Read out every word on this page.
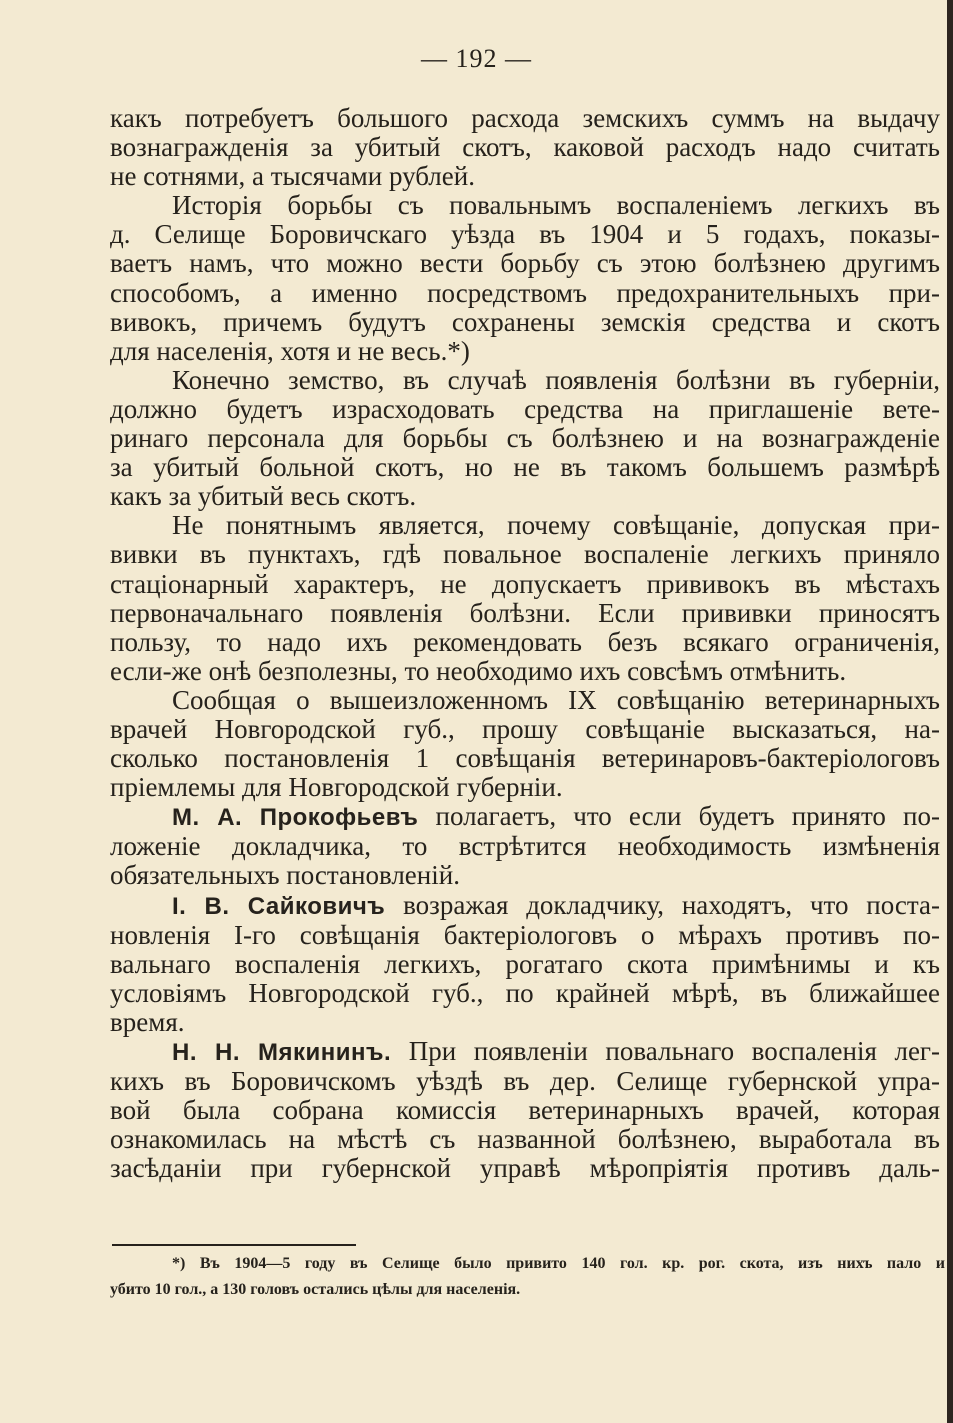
— 192 —
какъ потребуетъ большого расхода земскихъ суммъ на выдачу
вознагражденія за убитый скотъ, каковой расходъ надо считать
не сотнями, а тысячами рублей.
Исторія борьбы съ повальнымъ воспаленіемъ легкихъ въ
д. Селище Боровичскаго уѣзда въ 1904 и 5 годахъ, показы-
ваетъ намъ, что можно вести борьбу съ этою болѣзнею другимъ
способомъ, а именно посредствомъ предохранительныхъ при-
вивокъ, причемъ будутъ сохранены земскія средства и скотъ
для населенія, хотя и не весь.*)
Конечно земство, въ случаѣ появленія болѣзни въ губерніи,
должно будетъ израсходовать средства на приглашеніе вете-
ринаго персонала для борьбы съ болѣзнею и на вознагражденіе
за убитый больной скотъ, но не въ такомъ большемъ размѣрѣ
какъ за убитый весь скотъ.
Не понятнымъ является, почему совѣщаніе, допуская при-
вивки въ пунктахъ, гдѣ повальное воспаленіе легкихъ приняло
стаціонарный характеръ, не допускаетъ прививокъ въ мѣстахъ
первоначальнаго появленія болѣзни. Если прививки приносятъ
пользу, то надо ихъ рекомендовать безъ всякаго ограниченія,
если-же онѣ безполезны, то необходимо ихъ совсѣмъ отмѣнить.
Сообщая о вышеизложенномъ IX совѣщанію ветеринарныхъ
врачей Новгородской губ., прошу совѣщаніе высказаться, на-
сколько постановленія 1 совѣщанія ветеринаровъ-бактеріологовъ
пріемлемы для Новгородской губерніи.
М. А. Прокофьевъ полагаетъ, что если будетъ принято по-
ложеніе докладчика, то встрѣтится необходимость измѣненія
обязательныхъ постановленій.
I. В. Сайковичъ возражая докладчику, находятъ, что поста-
новленія I-го совѣщанія бактеріологовъ о мѣрахъ противъ по-
вальнаго воспаленія легкихъ, рогатаго скота примѣнимы и къ
условіямъ Новгородской губ., по крайней мѣрѣ, въ ближайшее
время.
Н. Н. Мякининъ. При появленіи повальнаго воспаленія лег-
кихъ въ Боровичскомъ уѣздѣ въ дер. Селище губернской упра-
вой была собрана комиссія ветеринарныхъ врачей, которая
ознакомилась на мѣстѣ съ названной болѣзнею, выработала въ
засѣданіи при губернской управѣ мѣропріятія противъ даль-
*) Въ 1904—5 году въ Селище было привито 140 гол. кр. рог. скота, изъ нихъ пало и
убито 10 гол., а 130 головъ остались цѣлы для населенія.
